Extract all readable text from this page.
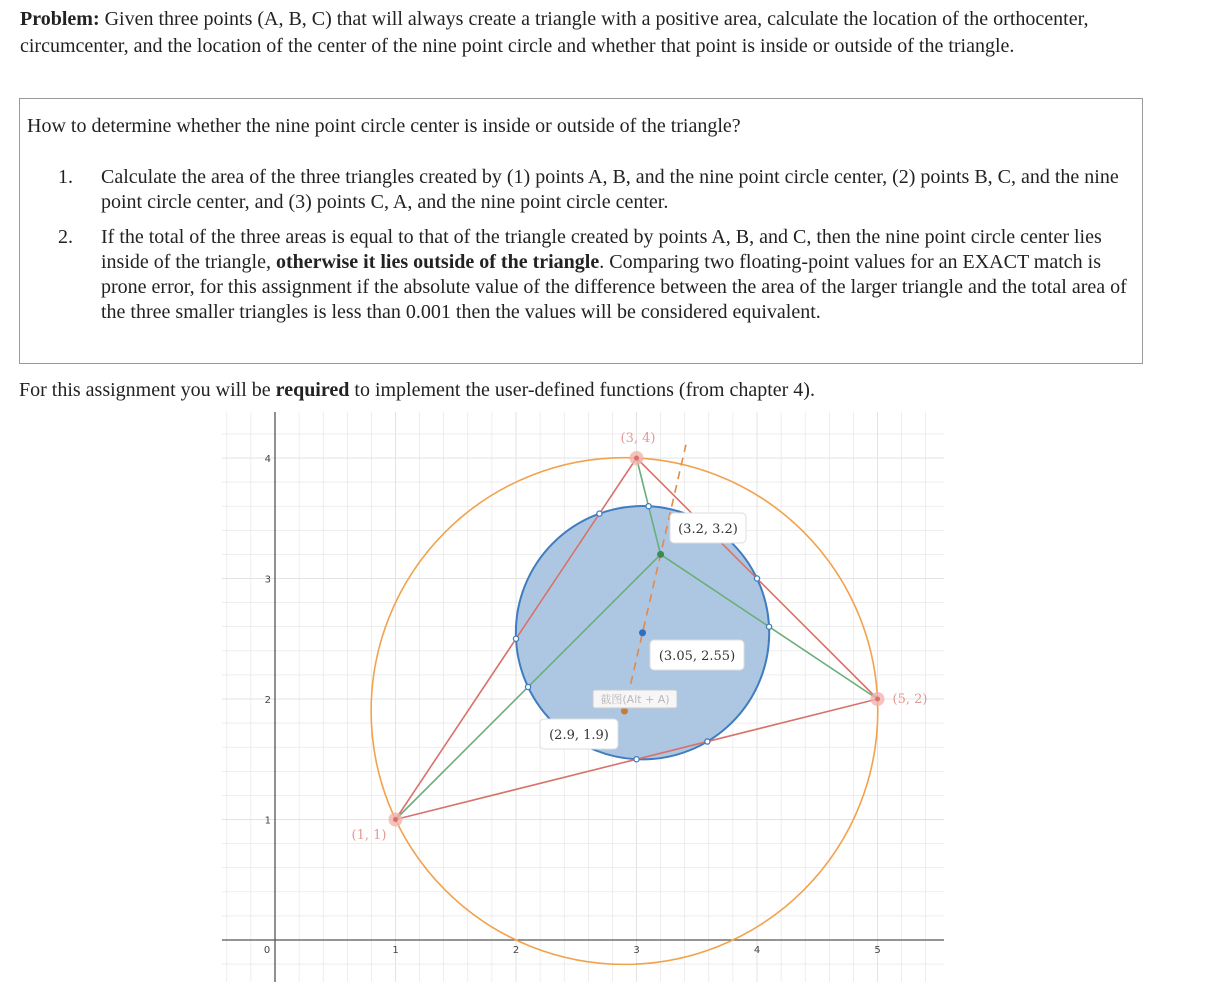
Problem: Given three points (A, B, C) that will always create a triangle with a positive area, calculate the location of the orthocenter, circumcenter, and the location of the center of the nine point circle and whether that point is inside or outside of the triangle.
How to determine whether the nine point circle center is inside or outside of the triangle?
1. Calculate the area of the three triangles created by (1) points A, B, and the nine point circle center, (2) points B, C, and the nine point circle center, and (3) points C, A, and the nine point circle center.
2. If the total of the three areas is equal to that of the triangle created by points A, B, and C, then the nine point circle center lies inside of the triangle, otherwise it lies outside of the triangle. Comparing two floating-point values for an EXACT match is prone error, for this assignment if the absolute value of the difference between the area of the larger triangle and the total area of the three smaller triangles is less than 0.001 then the values will be considered equivalent.
For this assignment you will be required to implement the user-defined functions (from chapter 4).
0	1	2	3	4	5
1
2
3
4
截图(Alt + A)
(3.2, 3.2)
(3.05, 2.55)
(2.9, 1.9)
(3, 4)
(5, 2)
(1, 1)
